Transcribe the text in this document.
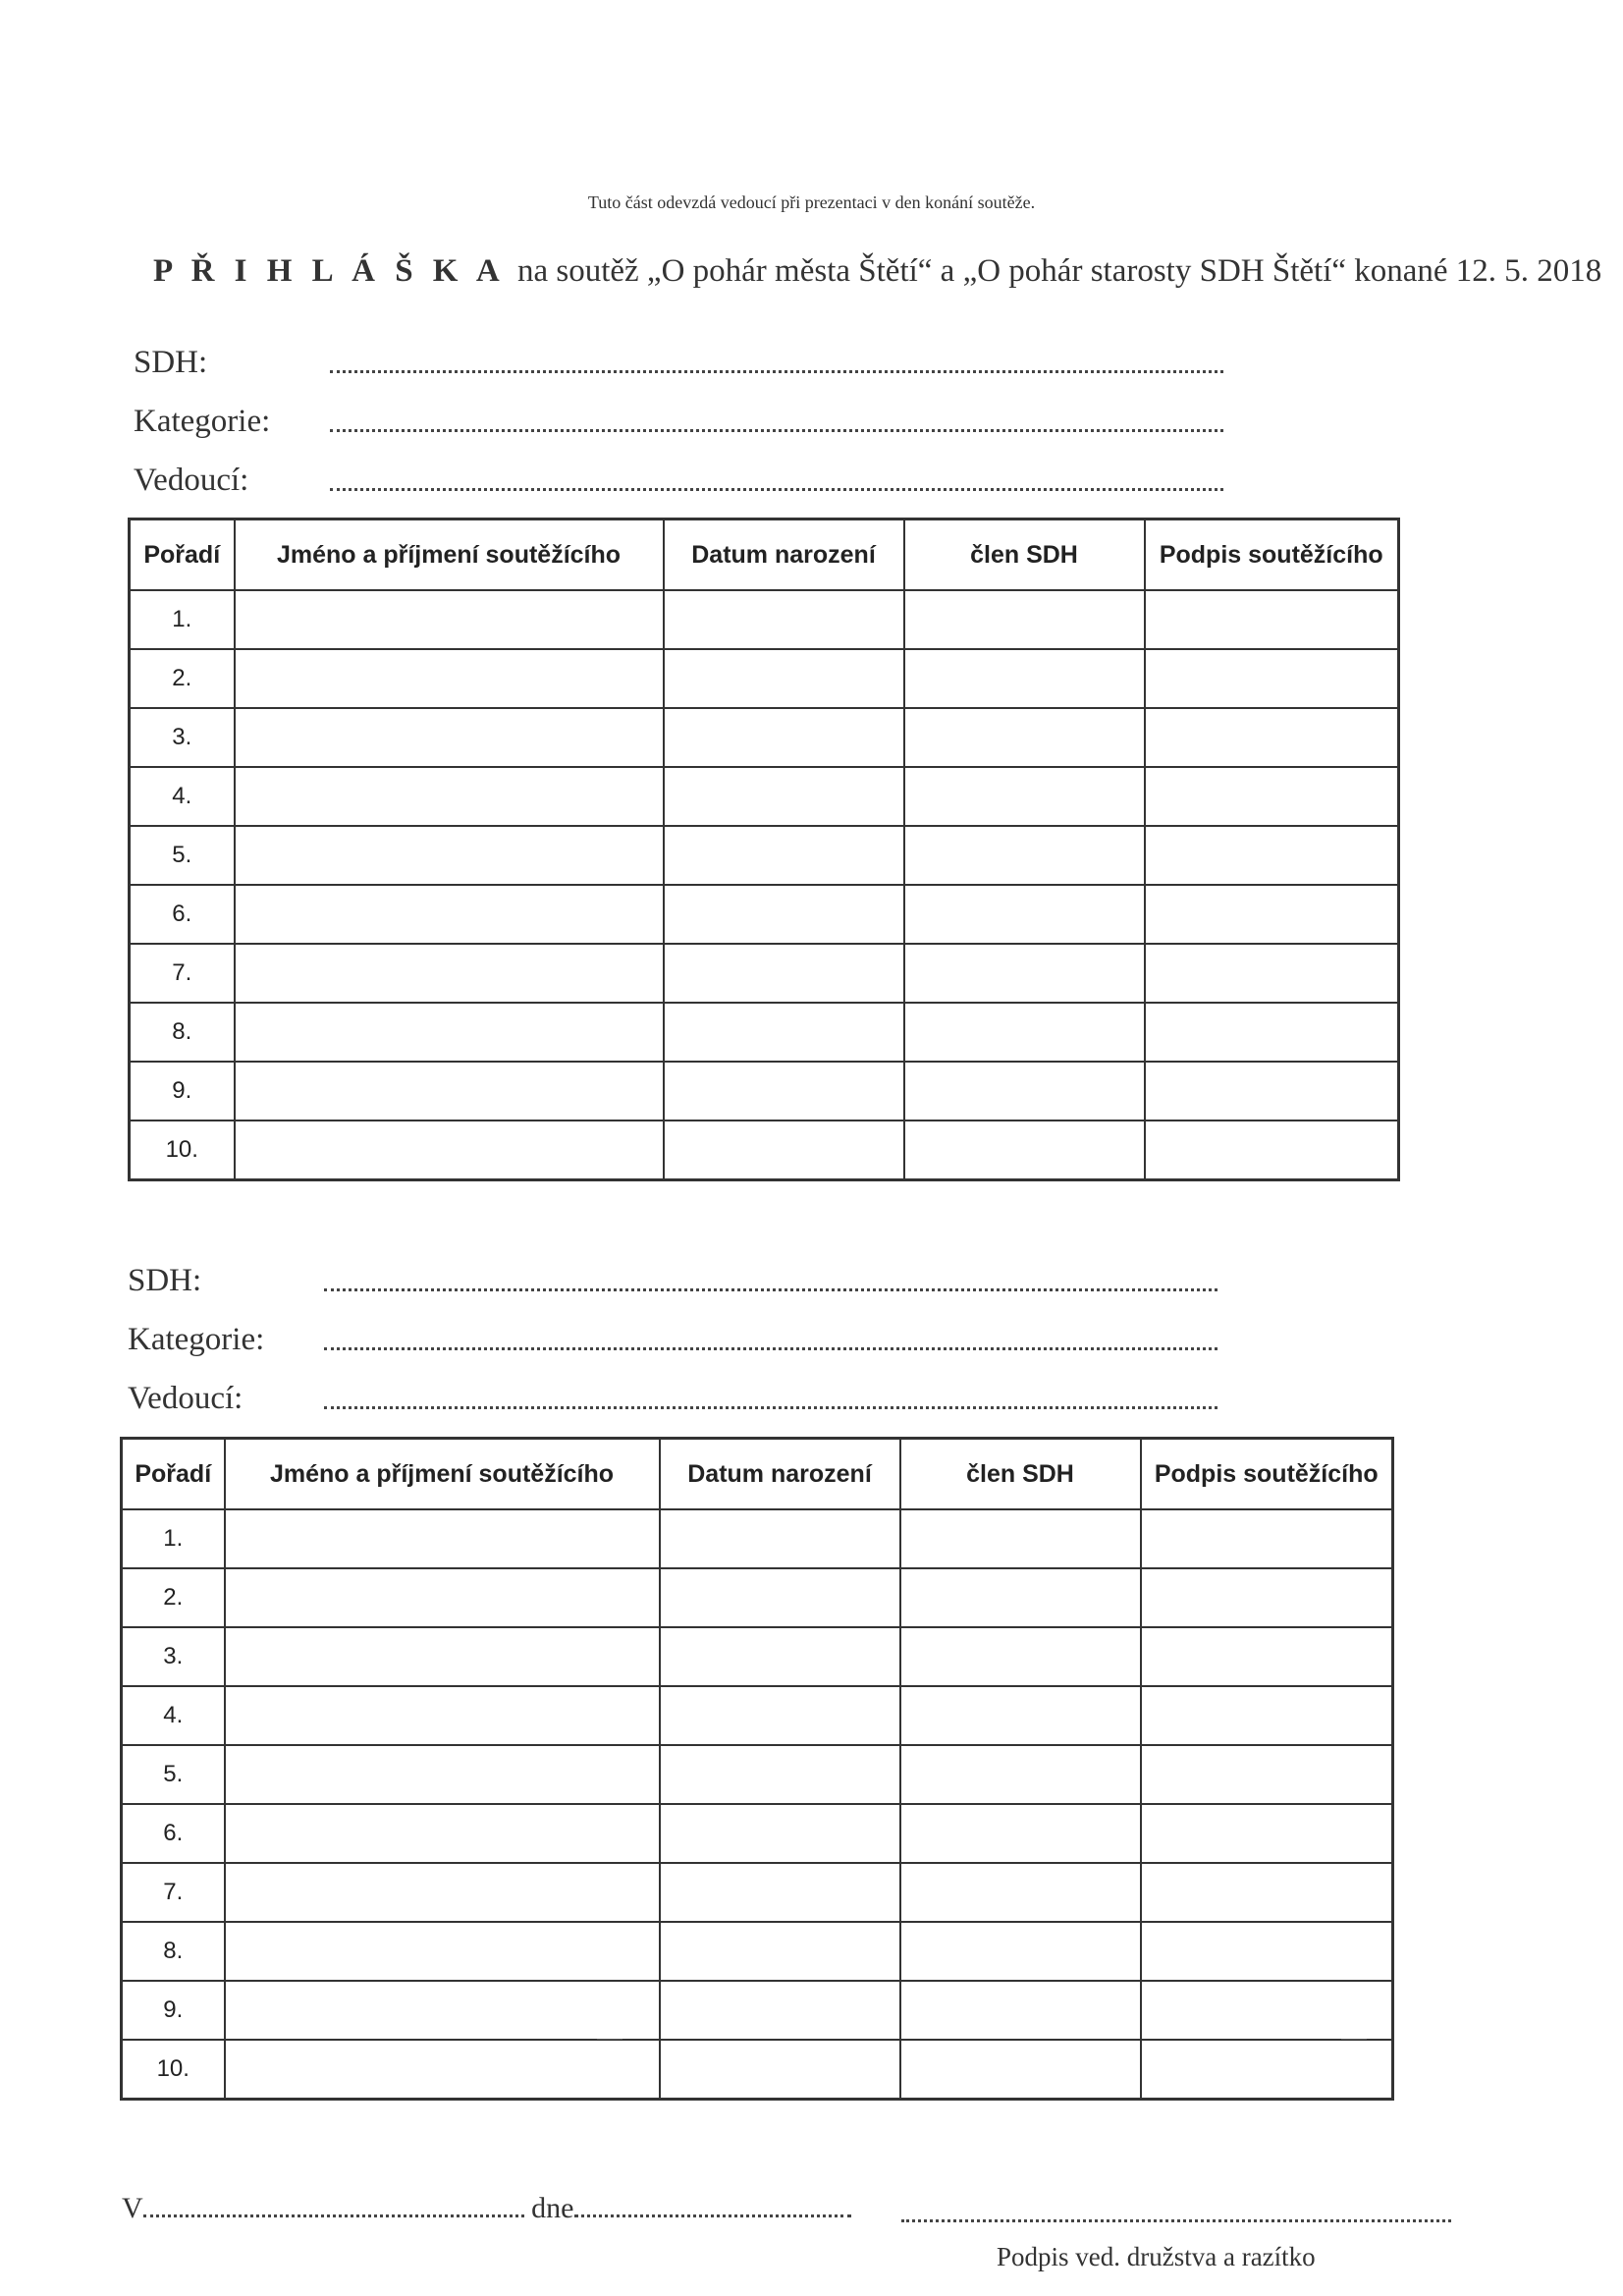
Tuto část odevzdá vedoucí při prezentaci v den konání soutěže.
P Ř I H L Á Š K A na soutěž „O pohár města Štětí“ a „O pohár starosty SDH Štětí“ konané 12. 5. 2018
SDH:
Kategorie:
Vedoucí:
Pořadí	Jméno a příjmení soutěžícího	Datum narození	člen SDH	Podpis soutěžícího
1.				
2.				
3.				
4.				
5.				
6.				
7.				
8.				
9.				
10.				
SDH:
Kategorie:
Vedoucí:
Pořadí	Jméno a příjmení soutěžícího	Datum narození	člen SDH	Podpis soutěžícího
1.				
2.				
3.				
4.				
5.				
6.				
7.				
8.				
9.				
10.				
V	dne
Podpis ved. družstva a razítko
